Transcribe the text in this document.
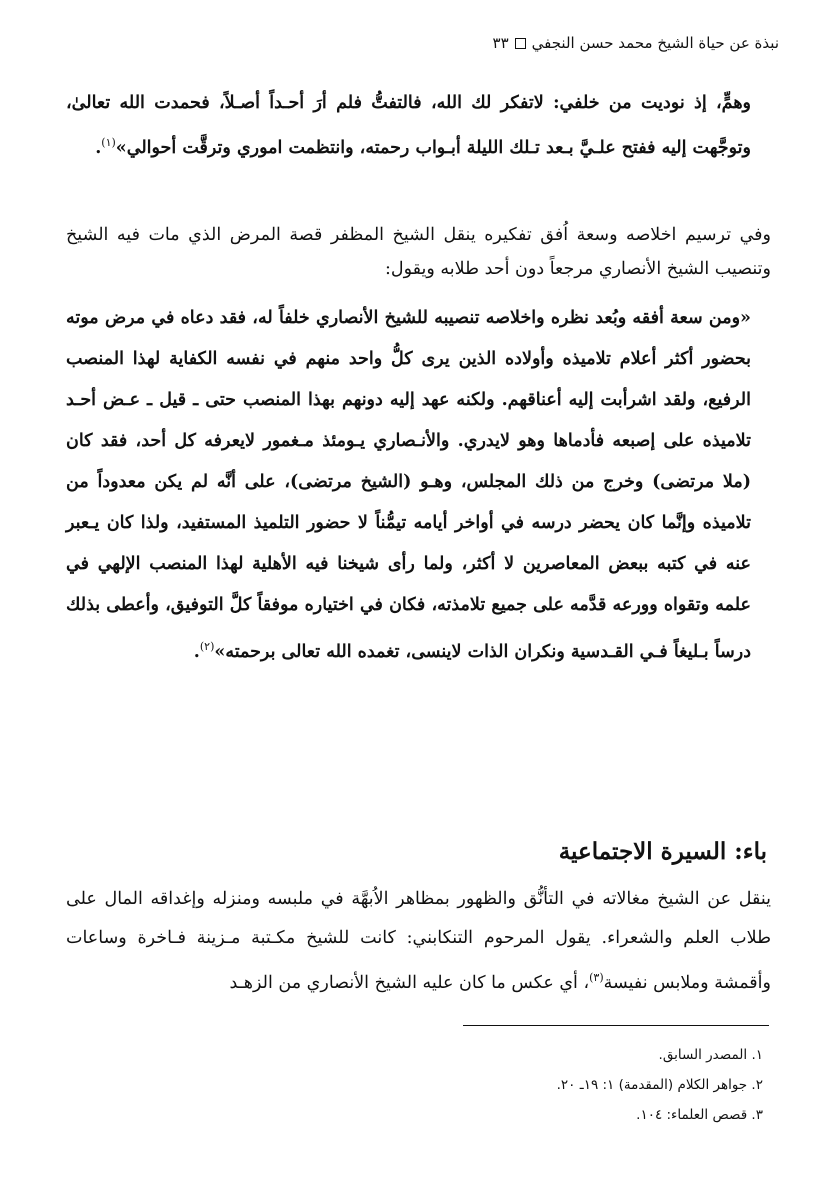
نبذة عن حياة الشيخ محمد حسن النجفي
٣٣

وهمٍّ، إذ نوديت من خلفي: لاتفكر لك الله، فالتفتُّ فلم أرَ أحـداً أصـلاً، فحمدت الله تعالىٰ، وتوجَّهت إليه ففتح علـيَّ بـعد تـلك الليلة أبـواب رحمته، وانتظمت اموري وترقَّت أحوالي»$^{(١)}$.

وفي ترسيم اخلاصه وسعة اُفق تفكيره ينقل الشيخ المظفر قصة المرض الذي مات فيه الشيخ وتنصيب الشيخ الأنصاري مرجعاً دون أحد طلابه ويقول:

«ومن سعة أفقه وبُعد نظره واخلاصه تنصيبه للشيخ الأنصاري خلفاً له، فقد دعاه في مرض موته بحضور أكثر أعلام تلاميذه وأولاده الذين يرى كلُّ واحد منهم في نفسه الكفاية لهذا المنصب الرفيع، ولقد اشرأبت إليه أعناقهم. ولكنه عهد إليه دونهم بهذا المنصب حتى ـ قيل ـ عـض أحـد تلاميذه على إصبعه فأدماها وهو لايدري. والأنـصاري يـومئذ مـغمور لايعرفه كل أحد، فقد كان (ملا مرتضى) وخرج من ذلك المجلس، وهـو (الشيخ مرتضى)، على أنَّه لم يكن معدوداً من تلاميذه وإنَّما كان يحضر درسه في أواخر أيامه تيمُّناً لا حضور التلميذ المستفيد، ولذا كان يـعبر عنه في كتبه ببعض المعاصرين لا أكثر، ولما رأى شيخنا فيه الأهلية لهذا المنصب الإلهي في علمه وتقواه وورعه قدَّمه على جميع تلامذته، فكان في اختياره موفقاً كلَّ التوفيق، وأعطى بذلك درساً بـليغاً فـي القـدسية ونكران الذات لاينسى، تغمده الله تعالى برحمته»$^{(٢)}$.

باء: السيرة الاجتماعية

ينقل عن الشيخ مغالاته في التأنُّق والظهور بمظاهر الاُبهَّة في ملبسه ومنزله وإغداقه المال على طلاب العلم والشعراء. يقول المرحوم التنكابني: كانت للشيخ مكـتبة مـزينة فـاخرة وساعات وأقمشة وملابس نفيسة$^{(٣)}$، أي عكس ما كان عليه الشيخ الأنصاري من الزهـد

١. المصدر السابق.
٢. جواهر الكلام (المقدمة) ١: ١٩ـ ٢٠.
٣. قصص العلماء: ١٠٤.
